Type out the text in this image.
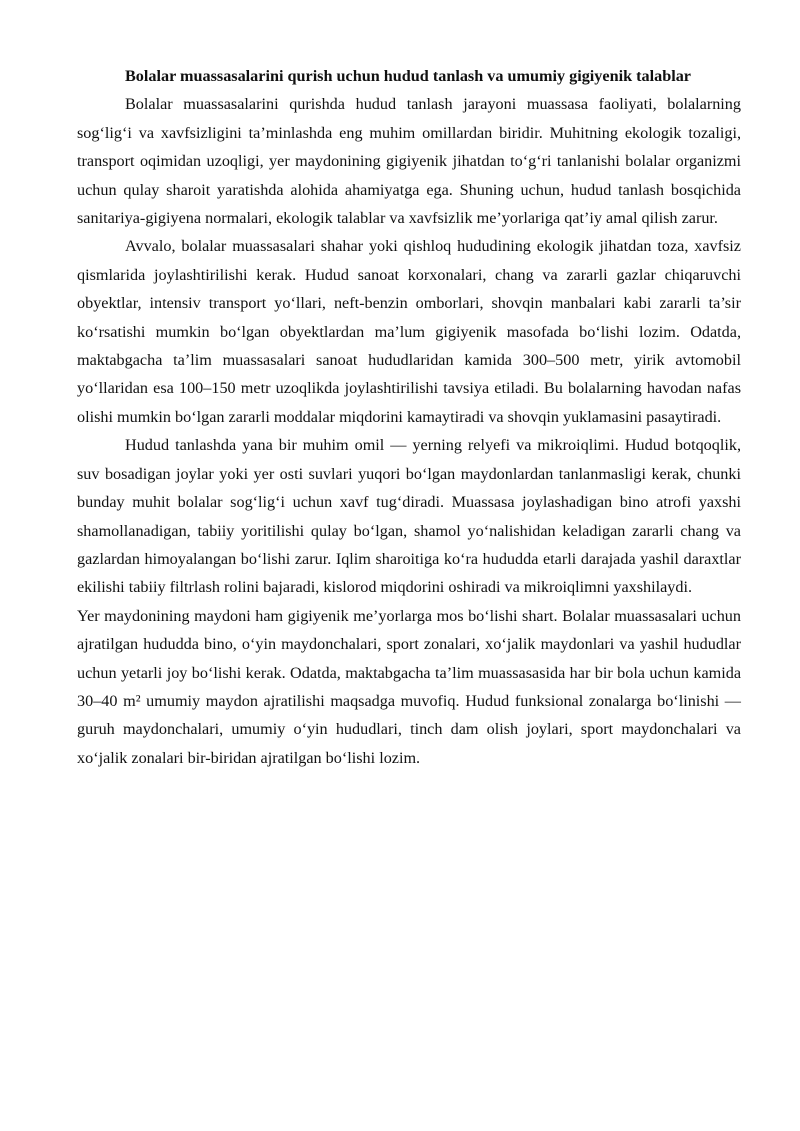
Bolalar muassasalarini qurish uchun hudud tanlash va umumiy gigiyenik talablar

Bolalar muassasalarini qurishda hudud tanlash jarayoni muassasa faoliyati, bolalarning sog‘lig‘i va xavfsizligini ta’minlashda eng muhim omillardan biridir. Muhitning ekologik tozaligi, transport oqimidan uzoqligi, yer maydonining gigiyenik jihatdan to‘g‘ri tanlanishi bolalar organizmi uchun qulay sharoit yaratishda alohida ahamiyatga ega. Shuning uchun, hudud tanlash bosqichida sanitariya-gigiyena normalari, ekologik talablar va xavfsizlik me’yorlariga qat’iy amal qilish zarur.

Avvalo, bolalar muassasalari shahar yoki qishloq hududining ekologik jihatdan toza, xavfsiz qismlarida joylashtirilishi kerak. Hudud sanoat korxonalari, chang va zararli gazlar chiqaruvchi obyektlar, intensiv transport yo‘llari, neft-benzin omborlari, shovqin manbalari kabi zararli ta’sir ko‘rsatishi mumkin bo‘lgan obyektlardan ma’lum gigiyenik masofada bo‘lishi lozim. Odatda, maktabgacha ta’lim muassasalari sanoat hududlaridan kamida 300–500 metr, yirik avtomobil yo‘llaridan esa 100–150 metr uzoqlikda joylashtirilishi tavsiya etiladi. Bu bolalarning havodan nafas olishi mumkin bo‘lgan zararli moddalar miqdorini kamaytiradi va shovqin yuklamasini pasaytiradi.

Hudud tanlashda yana bir muhim omil — yerning relyefi va mikroiqlimi. Hudud botqoqlik, suv bosadigan joylar yoki yer osti suvlari yuqori bo‘lgan maydonlardan tanlanmasligi kerak, chunki bunday muhit bolalar sog‘lig‘i uchun xavf tug‘diradi. Muassasa joylashadigan bino atrofi yaxshi shamollanadigan, tabiiy yoritilishi qulay bo‘lgan, shamol yo‘nalishidan keladigan zararli chang va gazlardan himoyalangan bo‘lishi zarur. Iqlim sharoitiga ko‘ra hududda etarli darajada yashil daraxtlar ekilishi tabiiy filtrlash rolini bajaradi, kislorod miqdorini oshiradi va mikroiqlimni yaxshilaydi.

Yer maydonining maydoni ham gigiyenik me’yorlarga mos bo‘lishi shart. Bolalar muassasalari uchun ajratilgan hududda bino, o‘yin maydonchalari, sport zonalari, xo‘jalik maydonlari va yashil hududlar uchun yetarli joy bo‘lishi kerak. Odatda, maktabgacha ta’lim muassasasida har bir bola uchun kamida 30–40 m² umumiy maydon ajratilishi maqsadga muvofiq. Hudud funksional zonalarga bo‘linishi — guruh maydonchalari, umumiy o‘yin hududlari, tinch dam olish joylari, sport maydonchalari va xo‘jalik zonalari bir-biridan ajratilgan bo‘lishi lozim.
